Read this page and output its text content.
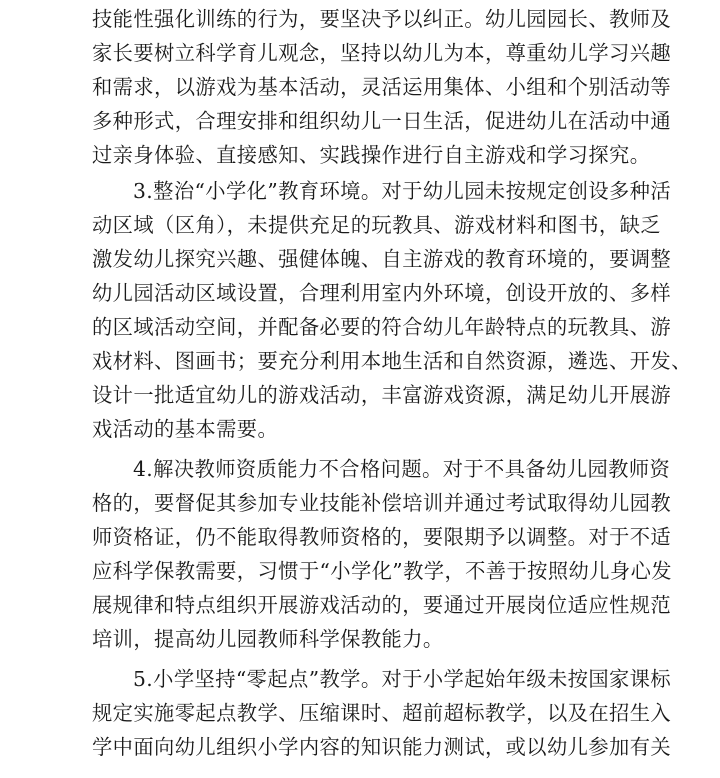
技能性强化训练的行为，要坚决予以纠正。幼儿园园长、教师及
家长要树立科学育儿观念，坚持以幼儿为本，尊重幼儿学习兴趣
和需求，以游戏为基本活动，灵活运用集体、小组和个别活动等
多种形式，合理安排和组织幼儿一日生活，促进幼儿在活动中通
过亲身体验、直接感知、实践操作进行自主游戏和学习探究。
3.整治“小学化”教育环境。对于幼儿园未按规定创设多种活
动区域（区角），未提供充足的玩教具、游戏材料和图书，缺乏
激发幼儿探究兴趣、强健体魄、自主游戏的教育环境的，要调整
幼儿园活动区域设置，合理利用室内外环境，创设开放的、多样
的区域活动空间，并配备必要的符合幼儿年龄特点的玩教具、游
戏材料、图画书；要充分利用本地生活和自然资源，遴选、开发、
设计一批适宜幼儿的游戏活动，丰富游戏资源，满足幼儿开展游
戏活动的基本需要。
4.解决教师资质能力不合格问题。对于不具备幼儿园教师资
格的，要督促其参加专业技能补偿培训并通过考试取得幼儿园教
师资格证，仍不能取得教师资格的，要限期予以调整。对于不适
应科学保教需要，习惯于“小学化”教学，不善于按照幼儿身心发
展规律和特点组织开展游戏活动的，要通过开展岗位适应性规范
培训，提高幼儿园教师科学保教能力。
5.小学坚持“零起点”教学。对于小学起始年级未按国家课标
规定实施零起点教学、压缩课时、超前超标教学，以及在招生入
学中面向幼儿组织小学内容的知识能力测试，或以幼儿参加有关
